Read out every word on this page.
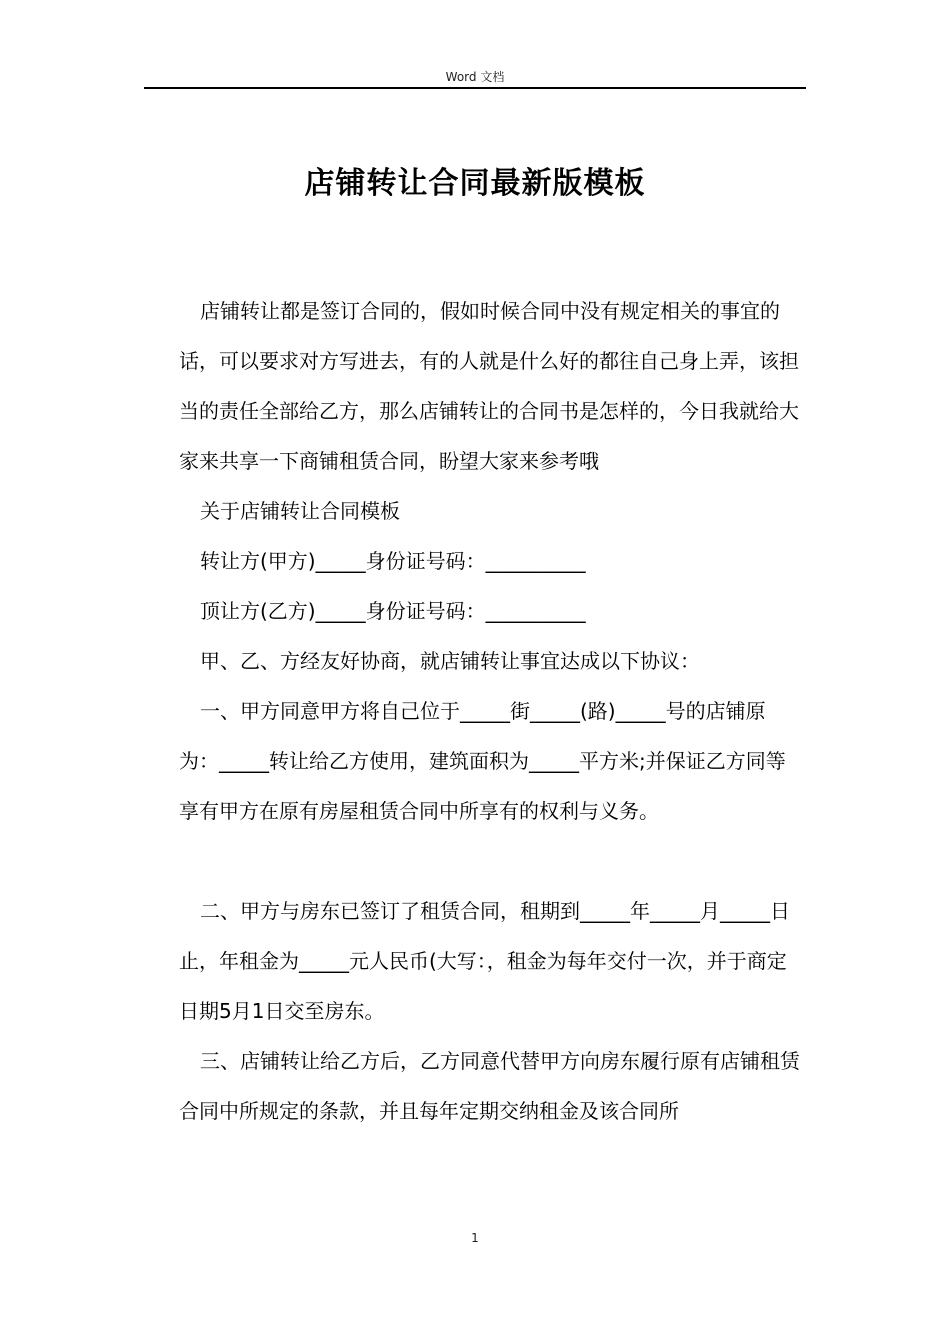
Word 文档
店铺转让合同最新版模板

店铺转让都是签订合同的，假如时候合同中没有规定相关的事宜的话，可以要求对方写进去，有的人就是什么好的都往自己身上弄，该担当的责任全部给乙方，那么店铺转让的合同书是怎样的，今日我就给大家来共享一下商铺租赁合同，盼望大家来参考哦

关于店铺转让合同模板

转让方(甲方)_____身份证号码：__________

顶让方(乙方)_____身份证号码：__________

甲、乙、方经友好协商，就店铺转让事宜达成以下协议：

一、甲方同意甲方将自己位于_____街_____(路)_____号的店铺原为：_____转让给乙方使用，建筑面积为_____平方米;并保证乙方同等享有甲方在原有房屋租赁合同中所享有的权利与义务。

二、甲方与房东已签订了租赁合同，租期到_____年_____月_____日止，年租金为_____元人民币(大写：，租金为每年交付一次，并于商定日期5月1日交至房东。

三、店铺转让给乙方后，乙方同意代替甲方向房东履行原有店铺租赁合同中所规定的条款，并且每年定期交纳租金及该合同所

1
